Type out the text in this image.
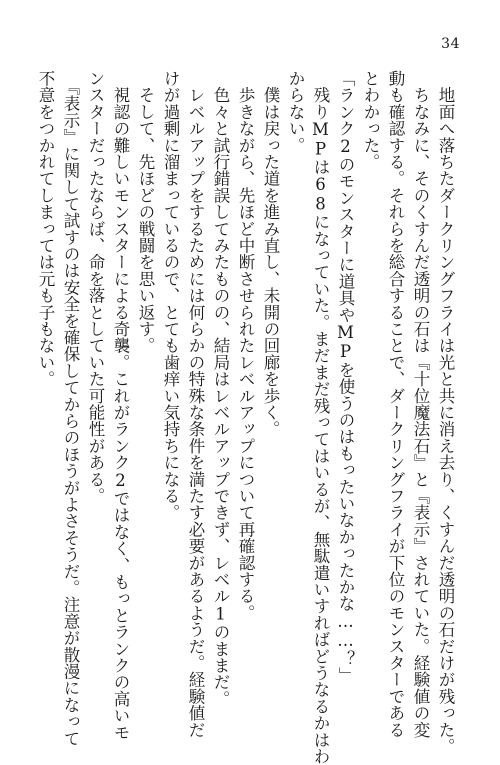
34
　地面へ落ちたダークリングフライは光と共に消え去り、くすんだ透明の石だけが残った。
　ちなみに、そのくすんだ透明の石は『十位魔法石』と『表示』されていた。経験値の変
動も確認する。それらを総合することで、ダークリングフライが下位のモンスターである
とわかった。
「ランク2のモンスターに道具やMPを使うのはもったいなかったかな……？」
　残りMPは68になっていた。まだまだ残ってはいるが、無駄遣いすればどうなるかはわ
からない。
　僕は戻った道を進み直し、未開の回廊を歩く。
　歩きながら、先ほど中断させられたレベルアップについて再確認する。
　色々と試行錯誤してみたものの、結局はレベルアップできず、レベル1のままだ。
　レベルアップをするためには何らかの特殊な条件を満たす必要があるようだ。経験値だ
けが過剰に溜まっているので、とても歯痒い気持ちになる。
　そして、先ほどの戦闘を思い返す。
　視認の難しいモンスターによる奇襲。これがランク2ではなく、もっとランクの高いモ
ンスターだったならば、命を落としていた可能性がある。
　『表示』に関して試すのは安全を確保してからのほうがよさそうだ。注意が散漫になって
不意をつかれてしまっては元も子もない。
